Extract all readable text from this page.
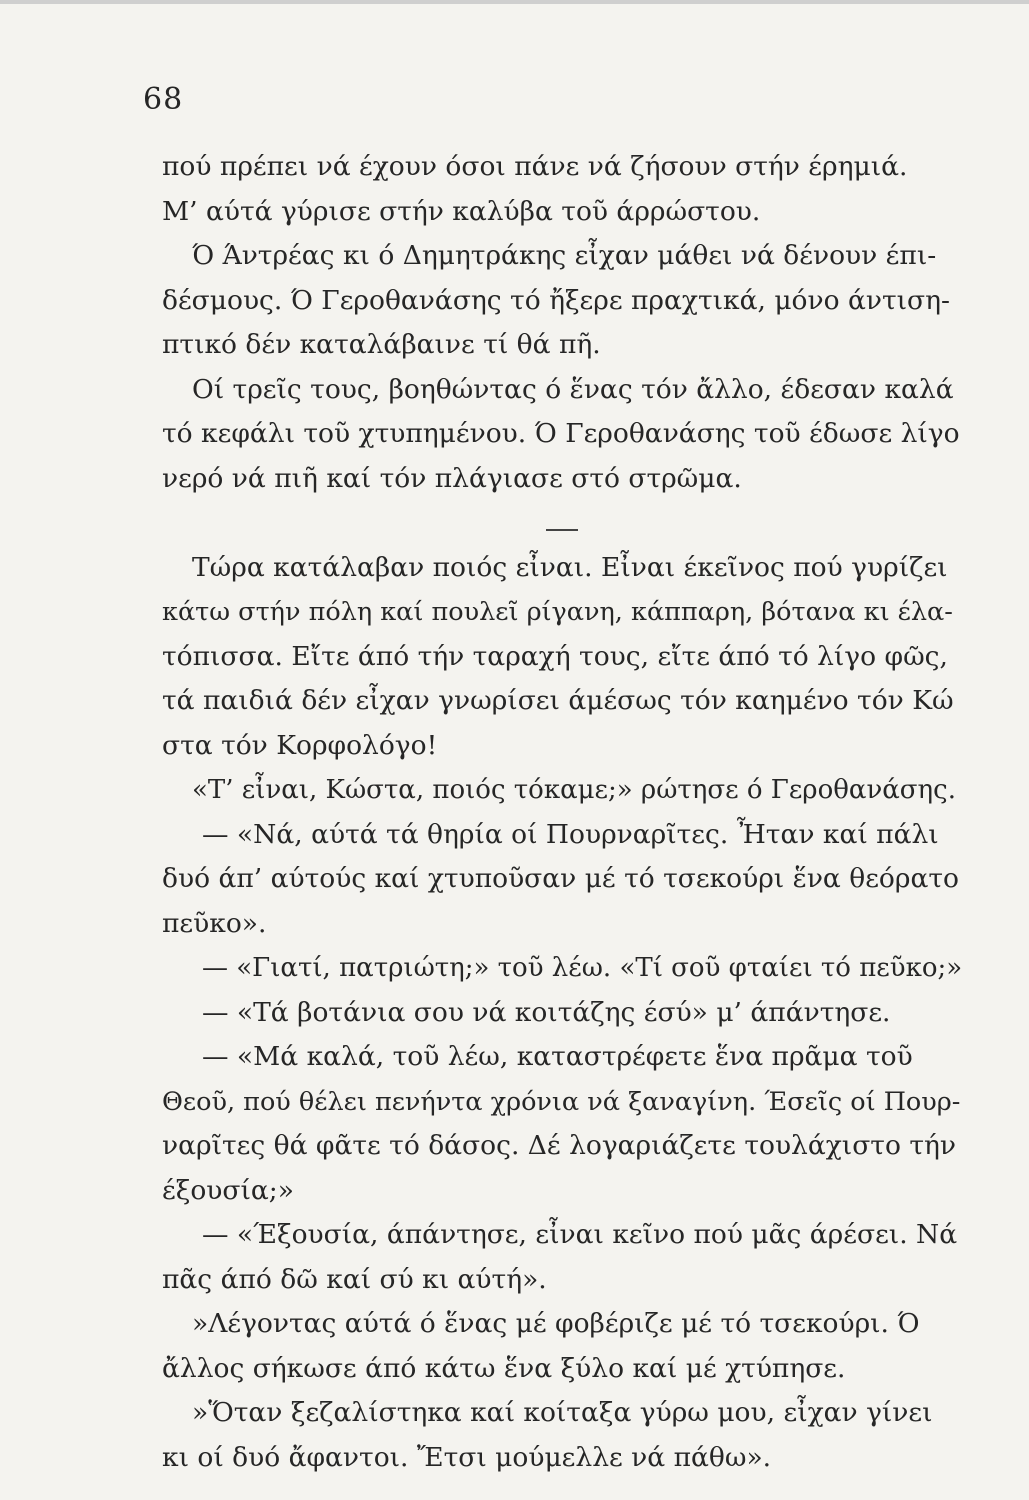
68
πού πρέπει νά έχουν όσοι πάνε νά ζήσουν στήν έρημιά.
Μ’ αύτά γύρισε στήν καλύβα τοῦ άρρώστου.
Ό Άντρέας κι ό Δημητράκης εἶχαν μάθει νά δένουν έπι-
δέσμους. Ό Γεροθανάσης τό ἤξερε πραχτικά, μόνο άντιση-
πτικό δέν καταλάβαινε τί θά πῆ.
Οί τρεῖς τους, βοηθώντας ό ἕνας τόν ἄλλο, έδεσαν καλά
τό κεφάλι τοῦ χτυπημένου. Ό Γεροθανάσης τοῦ έδωσε λίγο
νερό νά πιῆ καί τόν πλάγιασε στό στρῶμα.
Τώρα κατάλαβαν ποιός εἶναι. Εἶναι έκεῖνος πού γυρίζει
κάτω στήν πόλη καί πουλεῖ ρίγανη, κάππαρη, βότανα κι έλα-
τόπισσα. Εἴτε άπό τήν ταραχή τους, εἴτε άπό τό λίγο φῶς,
τά παιδιά δέν εἶχαν γνωρίσει άμέσως τόν καημένο τόν Κώ
στα τόν Κορφολόγο!
«Τ’ εἶναι, Κώστα, ποιός τόκαμε;» ρώτησε ό Γεροθανάσης.
— «Νά, αύτά τά θηρία οί Πουρναρῖτες. Ἦταν καί πάλι
δυό άπ’ αύτούς καί χτυποῦσαν μέ τό τσεκούρι ἕνα θεόρατο
πεῦκο».
— «Γιατί, πατριώτη;» τοῦ λέω. «Τί σοῦ φταίει τό πεῦκο;»
— «Τά βοτάνια σου νά κοιτάζης έσύ» μ’ άπάντησε.
— «Μά καλά, τοῦ λέω, καταστρέφετε ἕνα πρᾶμα τοῦ
Θεοῦ, πού θέλει πενήντα χρόνια νά ξαναγίνη. Έσεῖς οί Πουρ-
ναρῖτες θά φᾶτε τό δάσος. Δέ λογαριάζετε τουλάχιστο τήν
έξουσία;»
— «Έξουσία, άπάντησε, εἶναι κεῖνο πού μᾶς άρέσει. Νά
πᾶς άπό δῶ καί σύ κι αύτή».
»Λέγοντας αύτά ό ἕνας μέ φοβέριζε μέ τό τσεκούρι. Ό
ἄλλος σήκωσε άπό κάτω ἕνα ξύλο καί μέ χτύπησε.
»Ὅταν ξεζαλίστηκα καί κοίταξα γύρω μου, εἶχαν γίνει
κι οί δυό ἄφαντοι. Ἔτσι μούμελλε νά πάθω».
